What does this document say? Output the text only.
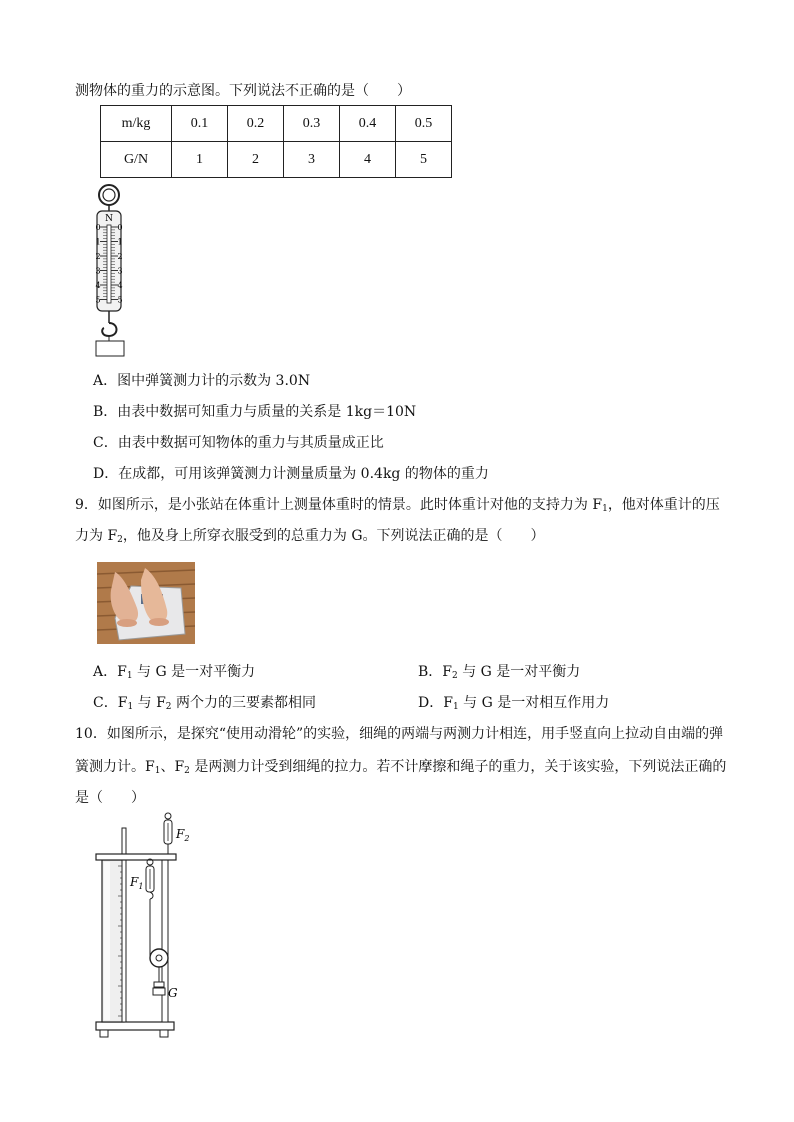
测物体的重力的示意图。下列说法不正确的是（　　）
m/kg	0.1	0.2	0.3	0.4	0.5
G/N	1	2	3	4	5
N
0
1
2
3
4
5
0
1
2
3
4
5
A．图中弹簧测力计的示数为 3.0N
B．由表中数据可知重力与质量的关系是 1kg＝10N
C．由表中数据可知物体的重力与其质量成正比
D．在成都，可用该弹簧测力计测量质量为 0.4kg 的物体的重力
9．如图所示，是小张站在体重计上测量体重时的情景。此时体重计对他的支持力为 $F_1$，他对体重计的压
力为 $F_2$，他及身上所穿衣服受到的总重力为 G。下列说法正确的是（　　）
A．$F_1$ 与 G 是一对平衡力	B．$F_2$ 与 G 是一对平衡力
C．$F_1$ 与 $F_2$ 两个力的三要素都相同	D．$F_1$ 与 G 是一对相互作用力
10．如图所示，是探究“使用动滑轮”的实验，细绳的两端与两测力计相连，用手竖直向上拉动自由端的弹
簧测力计。$F_1$、$F_2$ 是两测力计受到细绳的拉力。若不计摩擦和绳子的重力，关于该实验，下列说法正确的
是（　　）
$F_2$
$F_1$
G
